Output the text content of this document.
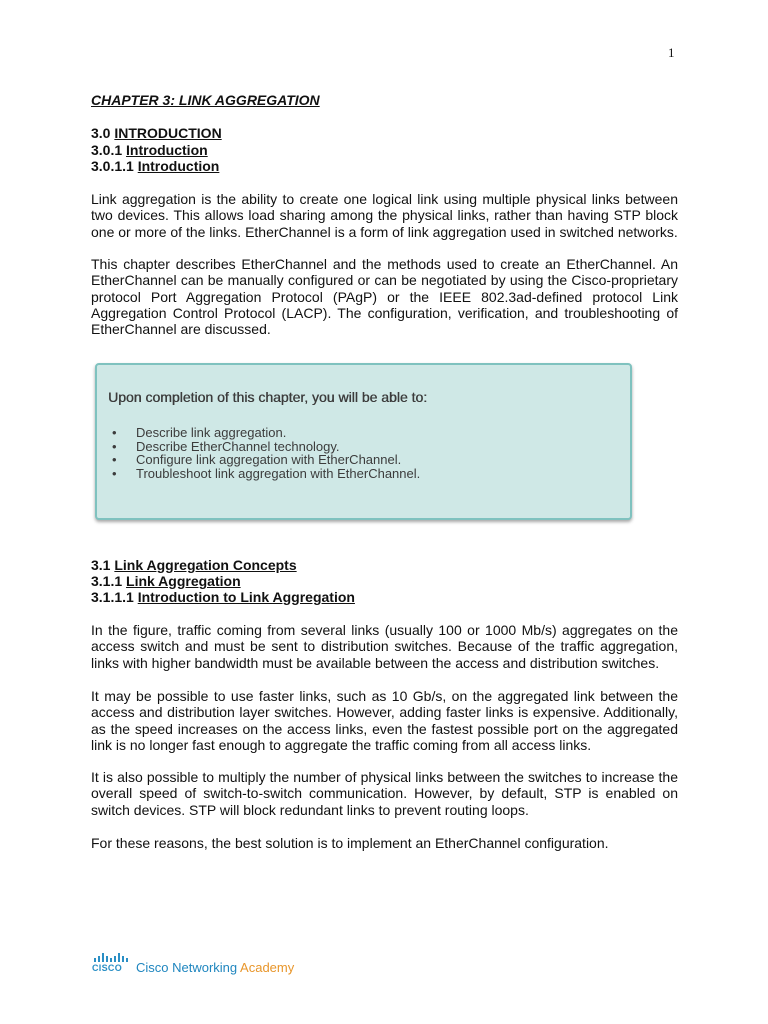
1
CHAPTER 3: LINK AGGREGATION
3.0 INTRODUCTION
3.0.1 Introduction
3.0.1.1 Introduction

Link aggregation is the ability to create one logical link using multiple physical links between two devices. This allows load sharing among the physical links, rather than having STP block one or more of the links. EtherChannel is a form of link aggregation used in switched networks.

This chapter describes EtherChannel and the methods used to create an EtherChannel. An EtherChannel can be manually configured or can be negotiated by using the Cisco-proprietary protocol Port Aggregation Protocol (PAgP) or the IEEE 802.3ad-defined protocol Link Aggregation Control Protocol (LACP). The configuration, verification, and troubleshooting of EtherChannel are discussed.

Upon completion of this chapter, you will be able to:

• Describe link aggregation.
• Describe EtherChannel technology.
• Configure link aggregation with EtherChannel.
• Troubleshoot link aggregation with EtherChannel.
3.1 Link Aggregation Concepts
3.1.1 Link Aggregation
3.1.1.1 Introduction to Link Aggregation

In the figure, traffic coming from several links (usually 100 or 1000 Mb/s) aggregates on the access switch and must be sent to distribution switches. Because of the traffic aggregation, links with higher bandwidth must be available between the access and distribution switches.

It may be possible to use faster links, such as 10 Gb/s, on the aggregated link between the access and distribution layer switches. However, adding faster links is expensive. Additionally, as the speed increases on the access links, even the fastest possible port on the aggregated link is no longer fast enough to aggregate the traffic coming from all access links.

It is also possible to multiply the number of physical links between the switches to increase the overall speed of switch-to-switch communication. However, by default, STP is enabled on switch devices. STP will block redundant links to prevent routing loops.

For these reasons, the best solution is to implement an EtherChannel configuration.

CISCO Cisco Networking Academy
